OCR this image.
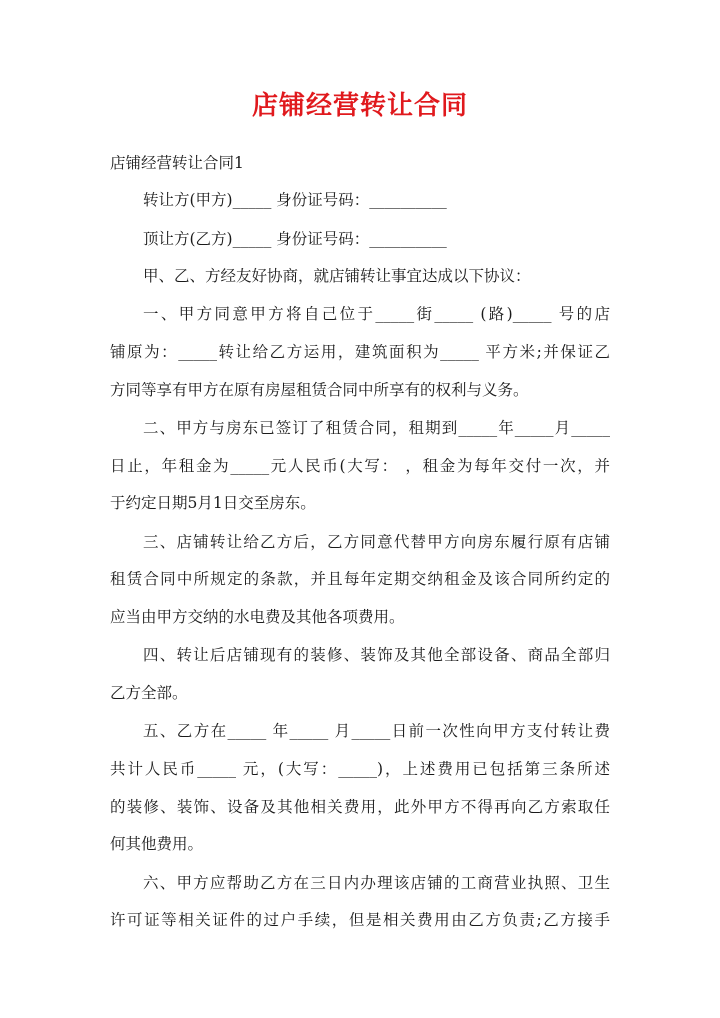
店铺经营转让合同
店铺经营转让合同1
转让方(甲方)_____ 身份证号码：__________
顶让方(乙方)_____ 身份证号码：__________
甲、乙、方经友好协商，就店铺转让事宜达成以下协议：
一、甲方同意甲方将自己位于_____街_____ (路)_____ 号的店
铺原为：_____转让给乙方运用，建筑面积为_____ 平方米;并保证乙
方同等享有甲方在原有房屋租赁合同中所享有的权利与义务。
二、甲方与房东已签订了租赁合同，租期到_____年_____月_____
日止，年租金为_____元人民币(大写： ，租金为每年交付一次，并
于约定日期5月1日交至房东。
三、店铺转让给乙方后，乙方同意代替甲方向房东履行原有店铺
租赁合同中所规定的条款，并且每年定期交纳租金及该合同所约定的
应当由甲方交纳的水电费及其他各项费用。
四、转让后店铺现有的装修、装饰及其他全部设备、商品全部归
乙方全部。
五、乙方在_____ 年_____ 月_____日前一次性向甲方支付转让费
共计人民币_____ 元，(大写：_____)，上述费用已包括第三条所述
的装修、装饰、设备及其他相关费用，此外甲方不得再向乙方索取任
何其他费用。
六、甲方应帮助乙方在三日内办理该店铺的工商营业执照、卫生
许可证等相关证件的过户手续，但是相关费用由乙方负责;乙方接手
